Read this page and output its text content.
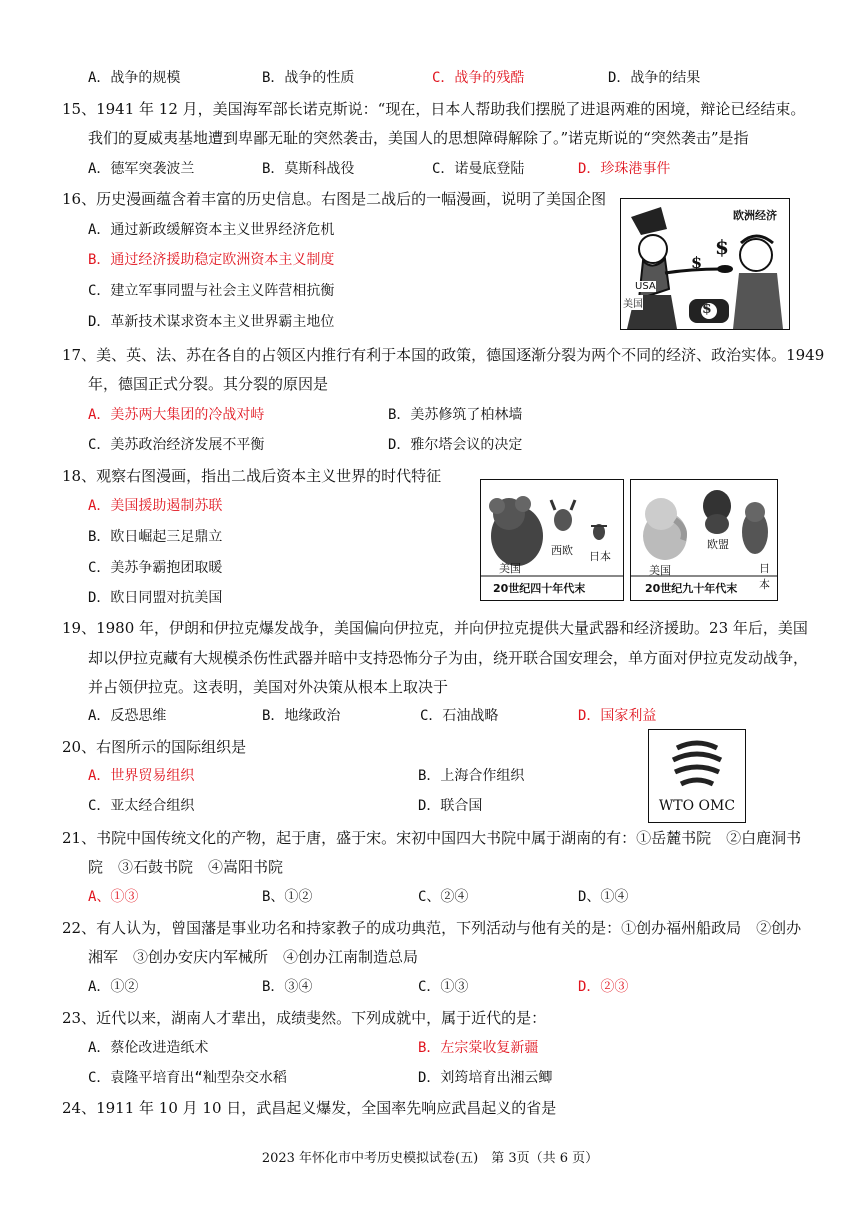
A．战争的规模	B．战争的性质	C．战争的残酷	D．战争的结果
15、1941 年 12 月，美国海军部长诺克斯说：“现在，日本人帮助我们摆脱了进退两难的困境，辩论已经结束。
我们的夏威夷基地遭到卑鄙无耻的突然袭击，美国人的思想障碍解除了。”诺克斯说的“突然袭击”是指
A．德军突袭波兰	B．莫斯科战役	C．诺曼底登陆	D．珍珠港事件
16、历史漫画蕴含着丰富的历史信息。右图是二战后的一幅漫画，说明了美国企图
A．通过新政缓解资本主义世界经济危机
B．通过经济援助稳定欧洲资本主义制度
C．建立军事同盟与社会主义阵营相抗衡
D．革新技术谋求资本主义世界霸主地位
欧洲经济
$
$
$
USA
美国
17、美、英、法、苏在各自的占领区内推行有利于本国的政策，德国逐渐分裂为两个不同的经济、政治实体。1949
年，德国正式分裂。其分裂的原因是
A．美苏两大集团的冷战对峙	B．美苏修筑了柏林墙
C．美苏政治经济发展不平衡	D．雅尔塔会议的决定
18、观察右图漫画，指出二战后资本主义世界的时代特征
A．美国援助遏制苏联
B．欧日崛起三足鼎立
C．美苏争霸抱团取暖
D．欧日同盟对抗美国
美国
西欧 日本
20世纪四十年代末
美国
欧盟
日本
20世纪九十年代末
19、1980 年，伊朗和伊拉克爆发战争，美国偏向伊拉克，并向伊拉克提供大量武器和经济援助。23 年后，美国
却以伊拉克藏有大规模杀伤性武器并暗中支持恐怖分子为由，绕开联合国安理会，单方面对伊拉克发动战争，
并占领伊拉克。这表明，美国对外决策从根本上取决于
A．反恐思维	B．地缘政治	C．石油战略	D．国家利益
20、右图所示的国际组织是
A．世界贸易组织	B．上海合作组织
C．亚太经合组织	D．联合国	WTO OMC
21、书院中国传统文化的产物，起于唐，盛于宋。宋初中国四大书院中属于湖南的有：①岳麓书院　②白鹿洞书
院　③石鼓书院　④嵩阳书院
A、①③	B、①②	C、②④	D、①④
22、有人认为，曾国藩是事业功名和持家教子的成功典范，下列活动与他有关的是：①创办福州船政局　②创办
湘军　③创办安庆内军械所　④创办江南制造总局
A．①②	B．③④	C．①③	D．②③
23、近代以来，湖南人才辈出，成绩斐然。下列成就中，属于近代的是：
A．蔡伦改进造纸术	B．左宗棠收复新疆
C．袁隆平培育出“籼型杂交水稻	D．刘筠培育出湘云鲫
24、1911 年 10 月 10 日，武昌起义爆发，全国率先响应武昌起义的省是
2023 年怀化市中考历史模拟试卷(五)　第 3页（共 6 页）
